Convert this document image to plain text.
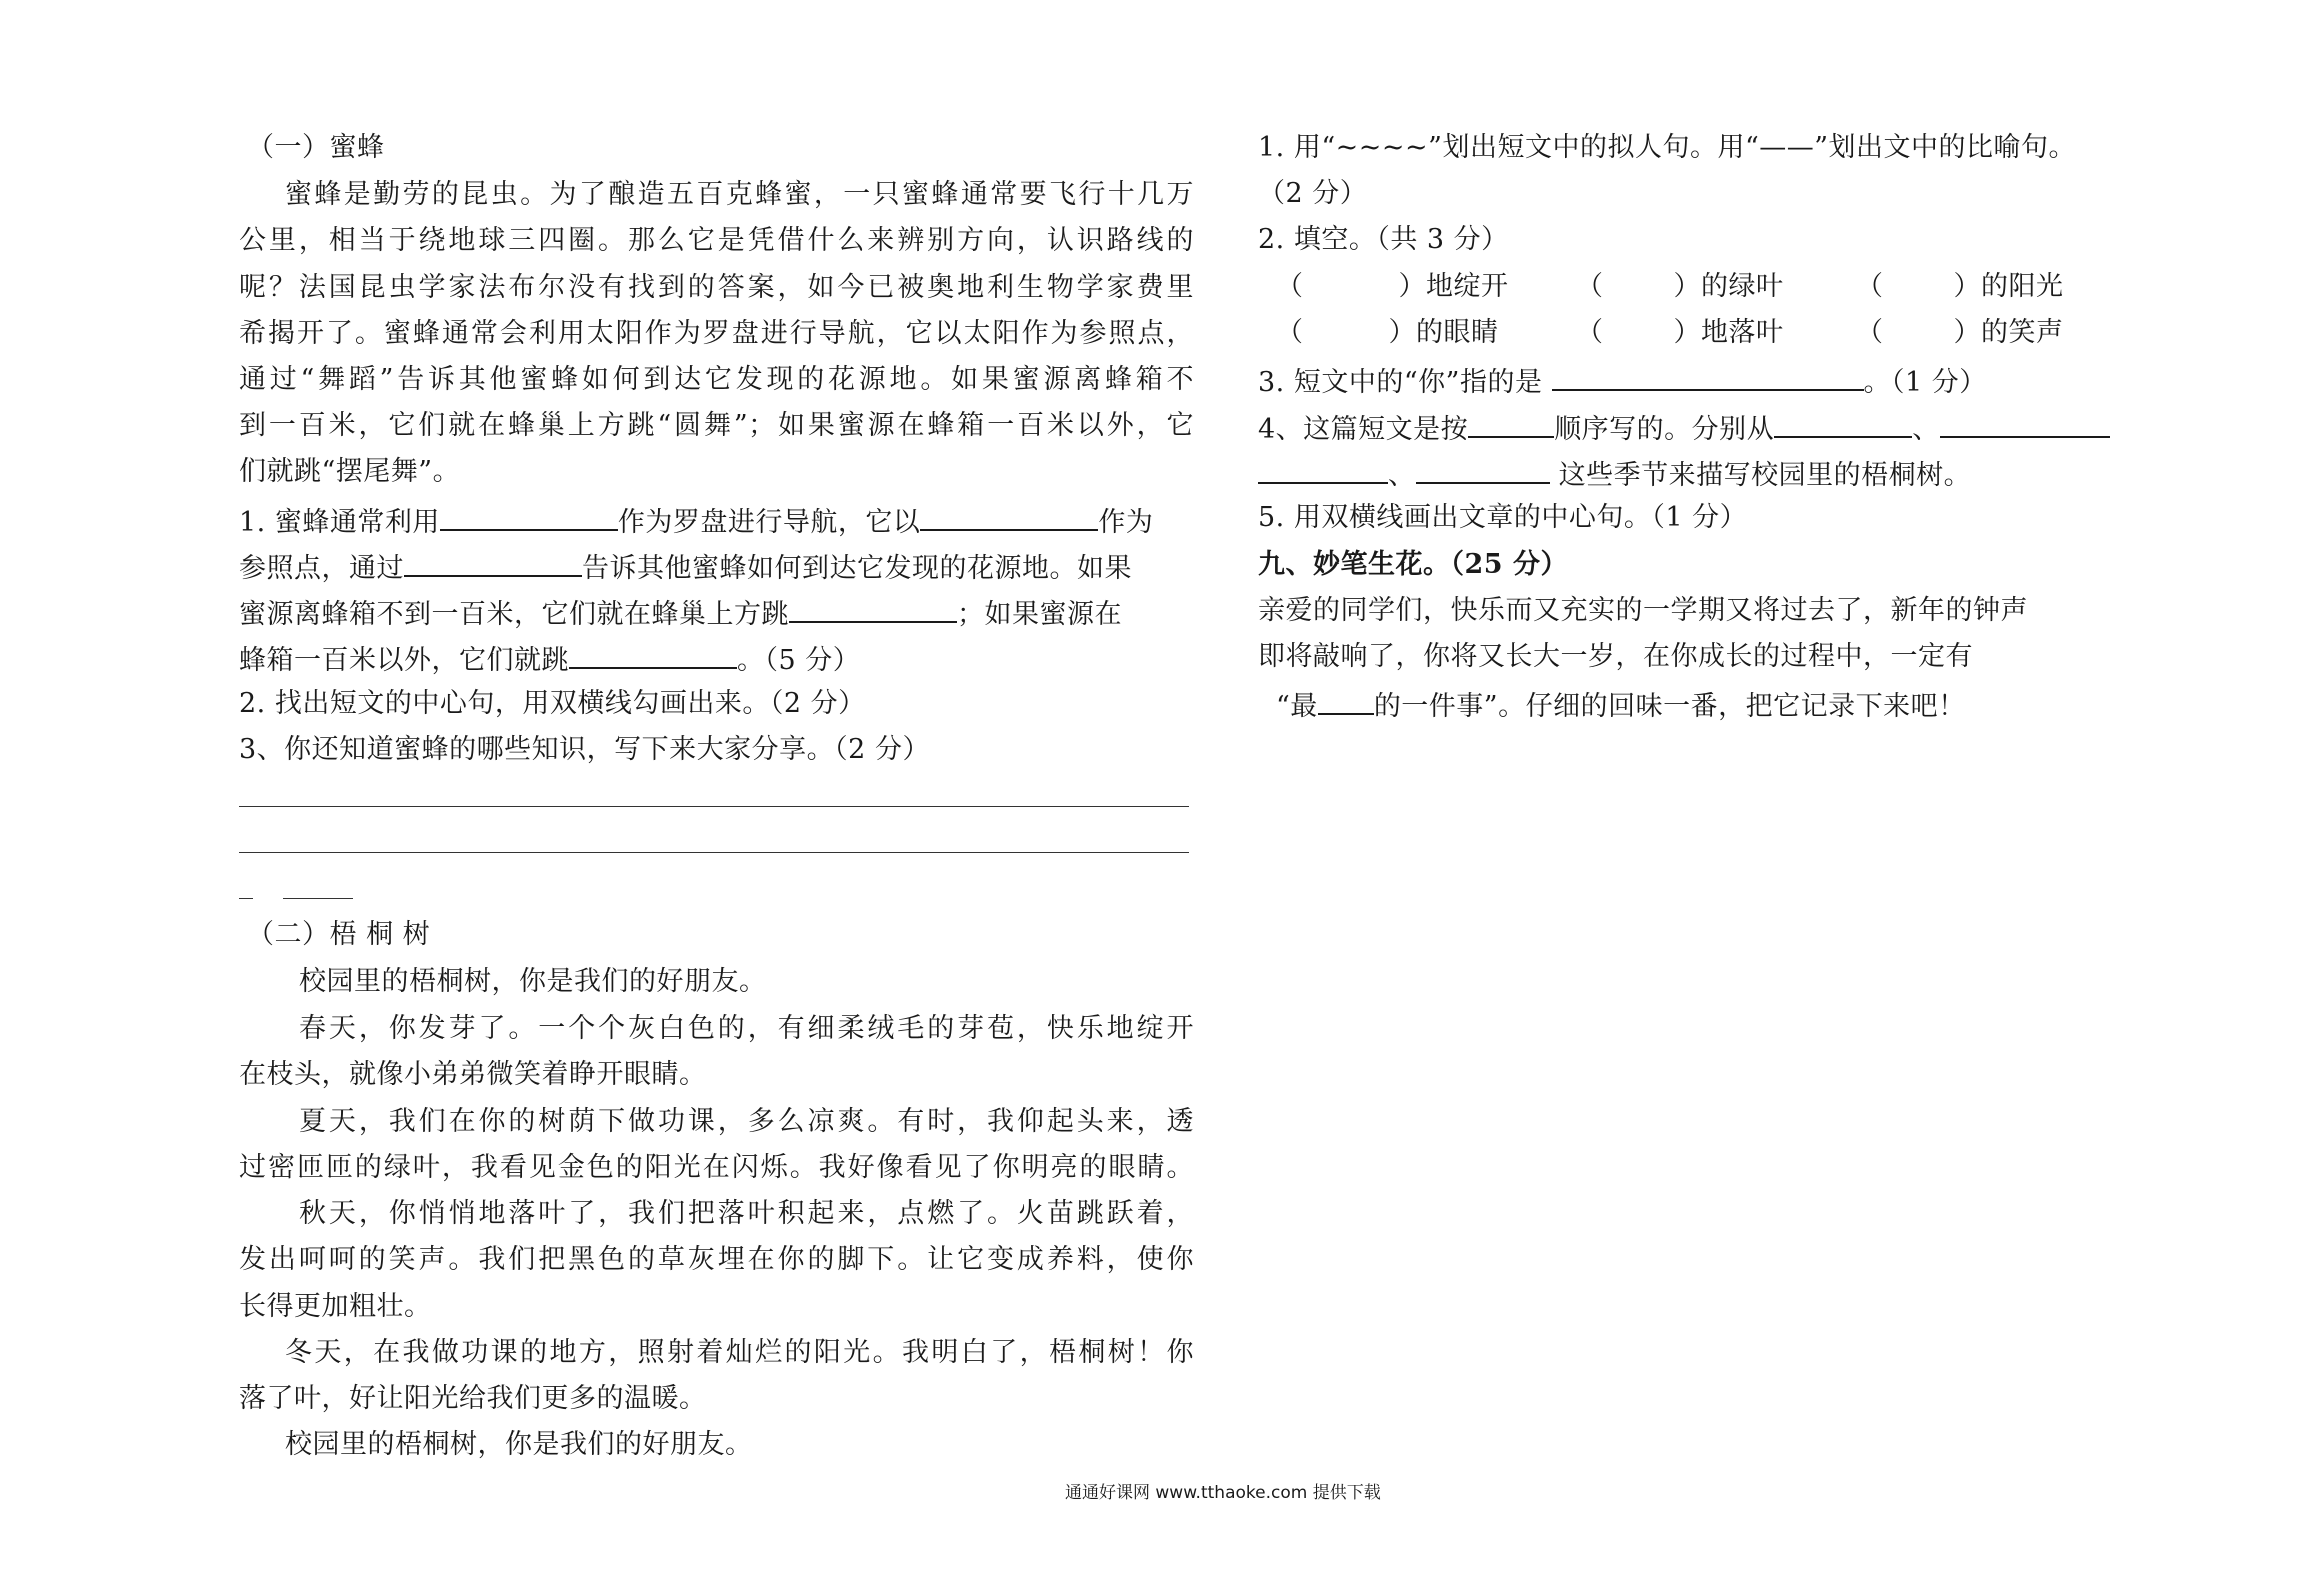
（一）蜜蜂
蜜蜂是勤劳的昆虫。为了酿造五百克蜂蜜，一只蜜蜂通常要飞行十几万
公里，相当于绕地球三四圈。那么它是凭借什么来辨别方向，认识路线的
呢？法国昆虫学家法布尔没有找到的答案，如今已被奥地利生物学家费里
希揭开了。蜜蜂通常会利用太阳作为罗盘进行导航，它以太阳作为参照点，
通过“舞蹈”告诉其他蜜蜂如何到达它发现的花源地。如果蜜源离蜂箱不
到一百米，它们就在蜂巢上方跳“圆舞”；如果蜜源在蜂箱一百米以外，它
们就跳“摆尾舞”。
1. 蜜蜂通常利用	作为罗盘进行导航，它以	作为
参照点，通过	告诉其他蜜蜂如何到达它发现的花源地。如果
蜜源离蜂箱不到一百米，它们就在蜂巢上方跳	；如果蜜源在
蜂箱一百米以外，它们就跳	。（5 分）
2. 找出短文的中心句，用双横线勾画出来。（2 分）
3、你还知道蜜蜂的哪些知识，写下来大家分享。（2 分）
（二）梧 桐 树
校园里的梧桐树，你是我们的好朋友。
春天，你发芽了。一个个灰白色的，有细柔绒毛的芽苞，快乐地绽开
在枝头，就像小弟弟微笑着睁开眼睛。
夏天，我们在你的树荫下做功课，多么凉爽。有时，我仰起头来，透
过密匝匝的绿叶，我看见金色的阳光在闪烁。我好像看见了你明亮的眼睛。
秋天，你悄悄地落叶了，我们把落叶积起来，点燃了。火苗跳跃着，
发出呵呵的笑声。我们把黑色的草灰埋在你的脚下。让它变成养料，使你
长得更加粗壮。
冬天，在我做功课的地方，照射着灿烂的阳光。我明白了，梧桐树！你
落了叶，好让阳光给我们更多的温暖。
校园里的梧桐树，你是我们的好朋友。
1. 用“~~~~”划出短文中的拟人句。用“——”划出文中的比喻句。
（2 分）
2. 填空。（共 3 分）
（	）地绽开	（	）的绿叶	（	）的阳光
（	）的眼睛	（	）地落叶	（	）的笑声
3. 短文中的“你”指的是	。（1 分）
4、这篇短文是按	顺序写的。分别从	、
、	这些季节来描写校园里的梧桐树。
5. 用双横线画出文章的中心句。（1 分）
九、妙笔生花。（25 分）
亲爱的同学们，快乐而又充实的一学期又将过去了，新年的钟声
即将敲响了，你将又长大一岁，在你成长的过程中，一定有
“最 的一件事”。仔细的回味一番，把它记录下来吧！
通通好课网 www.tthaoke.com 提供下载
